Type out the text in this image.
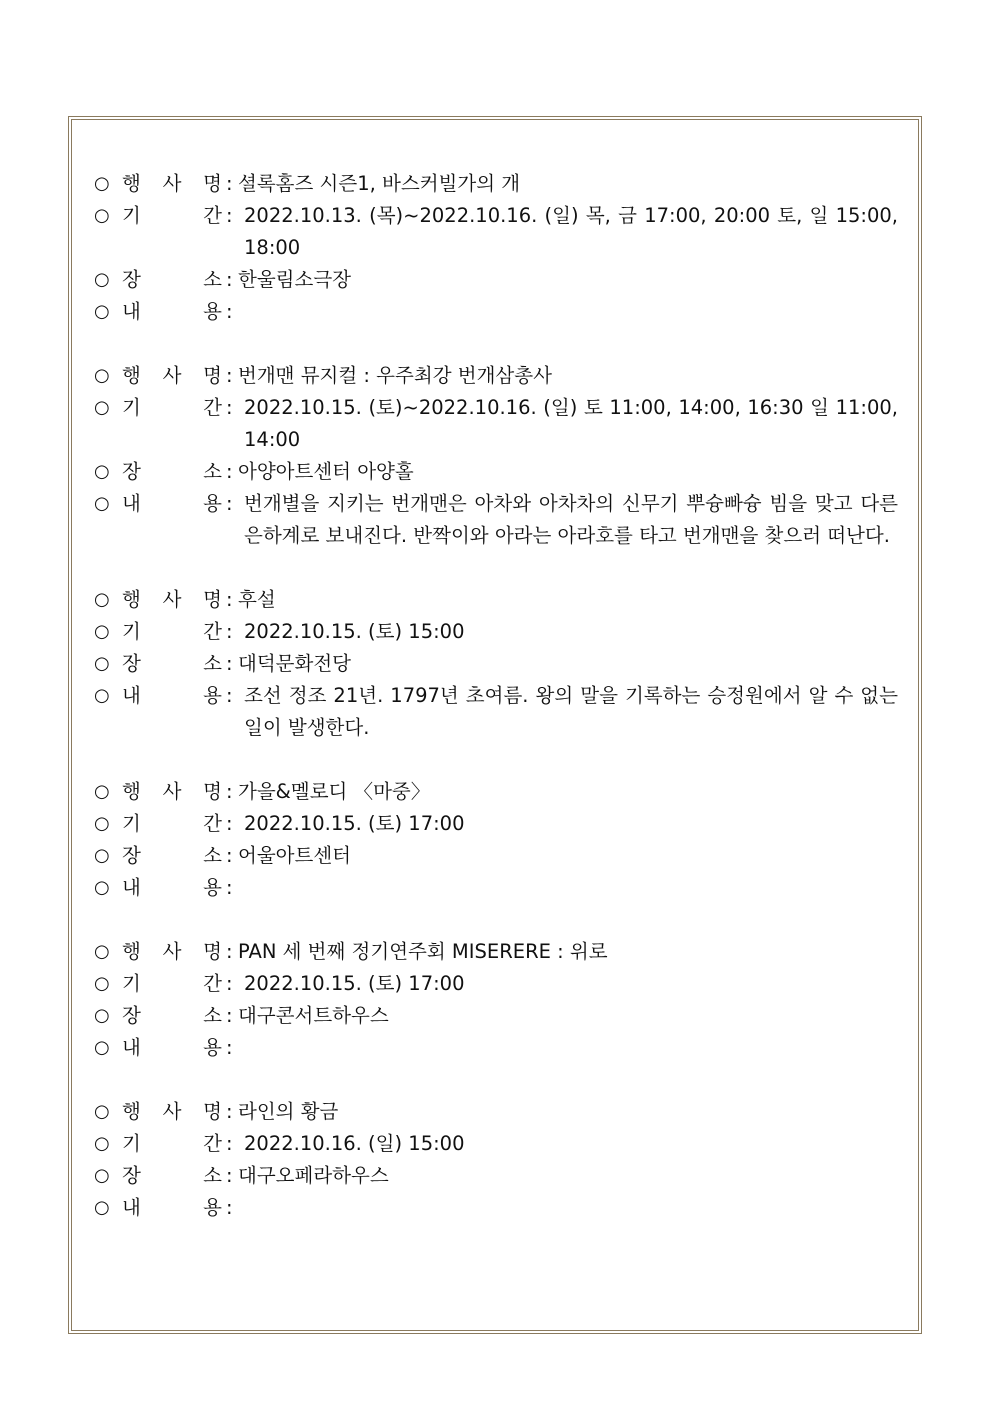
○ 행 사 명 : 셜록홈즈 시즌1, 바스커빌가의 개
○ 기	간 : 2022.10.13. (목)~2022.10.16. (일) 목, 금 17:00, 20:00 토, 일 15:00, 18:00
○ 장	소 : 한울림소극장
○ 내	용 :
○ 행 사 명 : 번개맨 뮤지컬 : 우주최강 번개삼총사
○ 기	간 : 2022.10.15. (토)~2022.10.16. (일) 토 11:00, 14:00, 16:30 일 11:00, 14:00
○ 장	소 : 아양아트센터 아양홀
○ 내	용 : 번개별을 지키는 번개맨은 아차와 아차차의 신무기 뿌슝빠슝 빔을 맞고 다른 은하계로 보내진다. 반짝이와 아라는 아라호를 타고 번개맨을 찾으러 떠난다.
○ 행 사 명 : 후설
○ 기	간 : 2022.10.15. (토) 15:00
○ 장	소 : 대덕문화전당
○ 내	용 : 조선 정조 21년. 1797년 초여름. 왕의 말을 기록하는 승정원에서 알 수 없는 일이 발생한다.
○ 행 사 명 : 가을&멜로디 〈마중〉
○ 기	간 : 2022.10.15. (토) 17:00
○ 장	소 : 어울아트센터
○ 내	용 :
○ 행 사 명 : PAN 세 번째 정기연주회 MISERERE : 위로
○ 기	간 : 2022.10.15. (토) 17:00
○ 장	소 : 대구콘서트하우스
○ 내	용 :
○ 행 사 명 : 라인의 황금
○ 기	간 : 2022.10.16. (일) 15:00
○ 장	소 : 대구오페라하우스
○ 내	용 :
